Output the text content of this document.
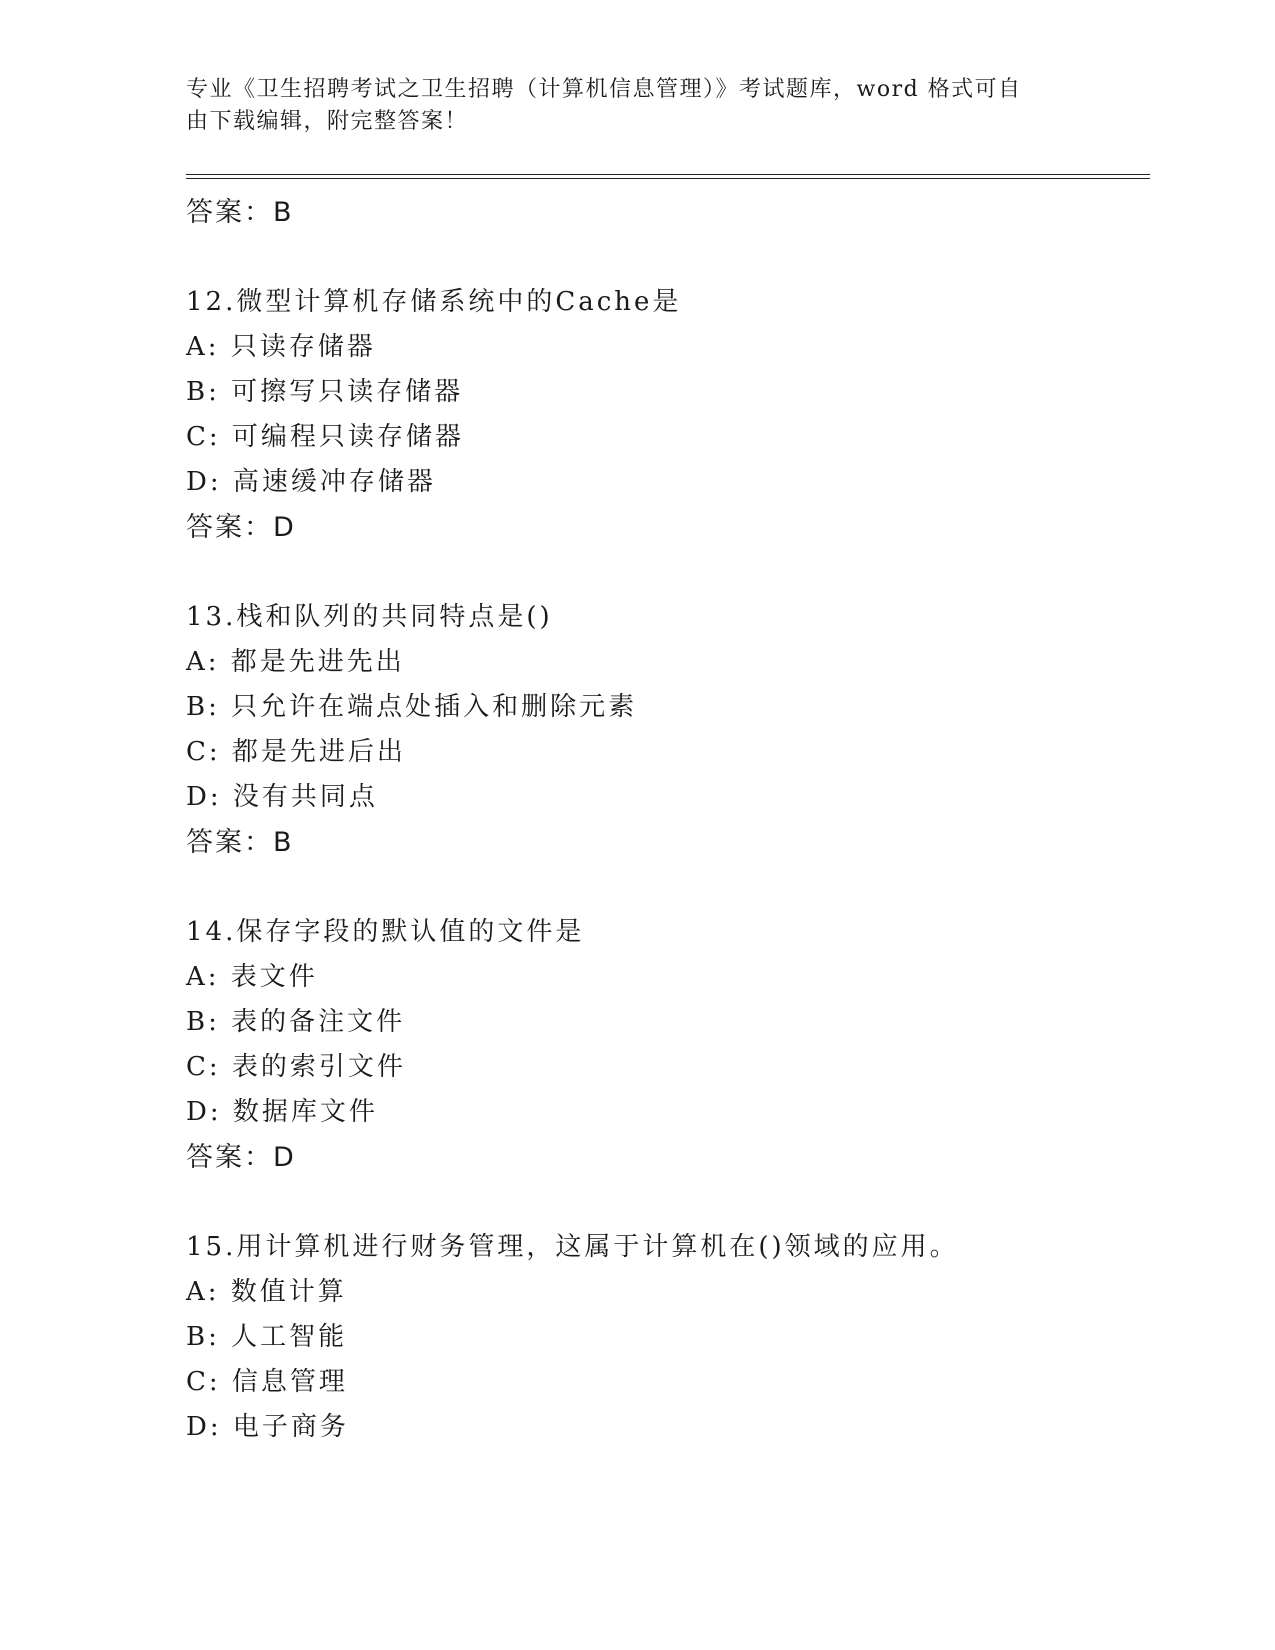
专业《卫生招聘考试之卫生招聘（计算机信息管理）》考试题库，word 格式可自
由下载编辑，附完整答案！
答案：B
12.微型计算机存储系统中的Cache是
A: 只读存储器
B: 可擦写只读存储器
C: 可编程只读存储器
D: 高速缓冲存储器
答案：D
13.栈和队列的共同特点是()
A: 都是先进先出
B: 只允许在端点处插入和删除元素
C: 都是先进后出
D: 没有共同点
答案：B
14.保存字段的默认值的文件是
A: 表文件
B: 表的备注文件
C: 表的索引文件
D: 数据库文件
答案：D
15.用计算机进行财务管理，这属于计算机在()领域的应用。
A: 数值计算
B: 人工智能
C: 信息管理
D: 电子商务
